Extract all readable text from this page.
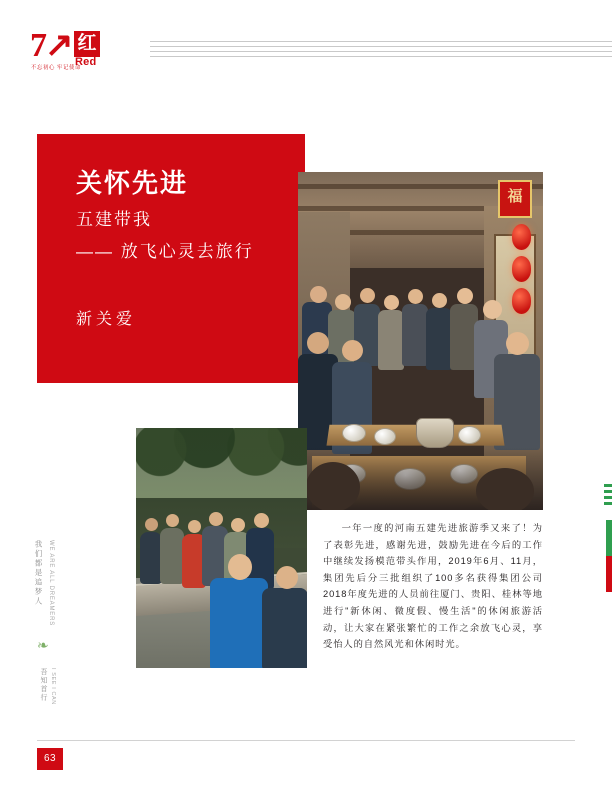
7↗ 红
Red
不忘初心 牢记使命
关怀先进
五建带我
—— 放飞心灵去旅行
新关爱
福

一年一度的河南五建先进旅游季又来了！为了表彰先进，感谢先进，鼓励先进在今后的工作中继续发扬模范带头作用，2019年6月、11月，集团先后分三批组织了100多名获得集团公司2018年度先进的人员前往厦门、贵阳、桂林等地进行"新休闲、微度假、慢生活"的休闲旅游活动，让大家在紧张繁忙的工作之余放飞心灵，享受怡人的自然风光和休闲时光。

我们都是追梦人 WE ARE ALL DREAMERS
❧
吾知首行 I SEE I CAN
63
